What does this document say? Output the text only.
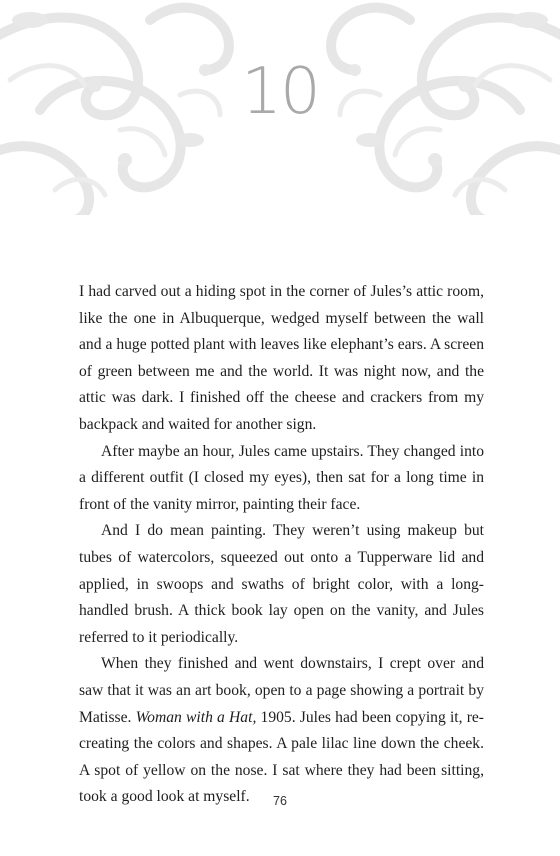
10

I had carved out a hiding spot in the corner of Jules’s attic room, like the one in Albuquerque, wedged myself between the wall and a huge potted plant with leaves like elephant’s ears. A screen of green between me and the world. It was night now, and the attic was dark. I finished off the cheese and crackers from my backpack and waited for another sign.

After maybe an hour, Jules came upstairs. They changed into a different outfit (I closed my eyes), then sat for a long time in front of the vanity mirror, painting their face.

And I do mean painting. They weren’t using makeup but tubes of watercolors, squeezed out onto a Tupperware lid and applied, in swoops and swaths of bright color, with a long-handled brush. A thick book lay open on the vanity, and Jules referred to it periodically.

When they finished and went downstairs, I crept over and saw that it was an art book, open to a page showing a portrait by Matisse. Woman with a Hat, 1905. Jules had been copying it, re-creating the colors and shapes. A pale lilac line down the cheek. A spot of yellow on the nose. I sat where they had been sitting, took a good look at myself.	76
